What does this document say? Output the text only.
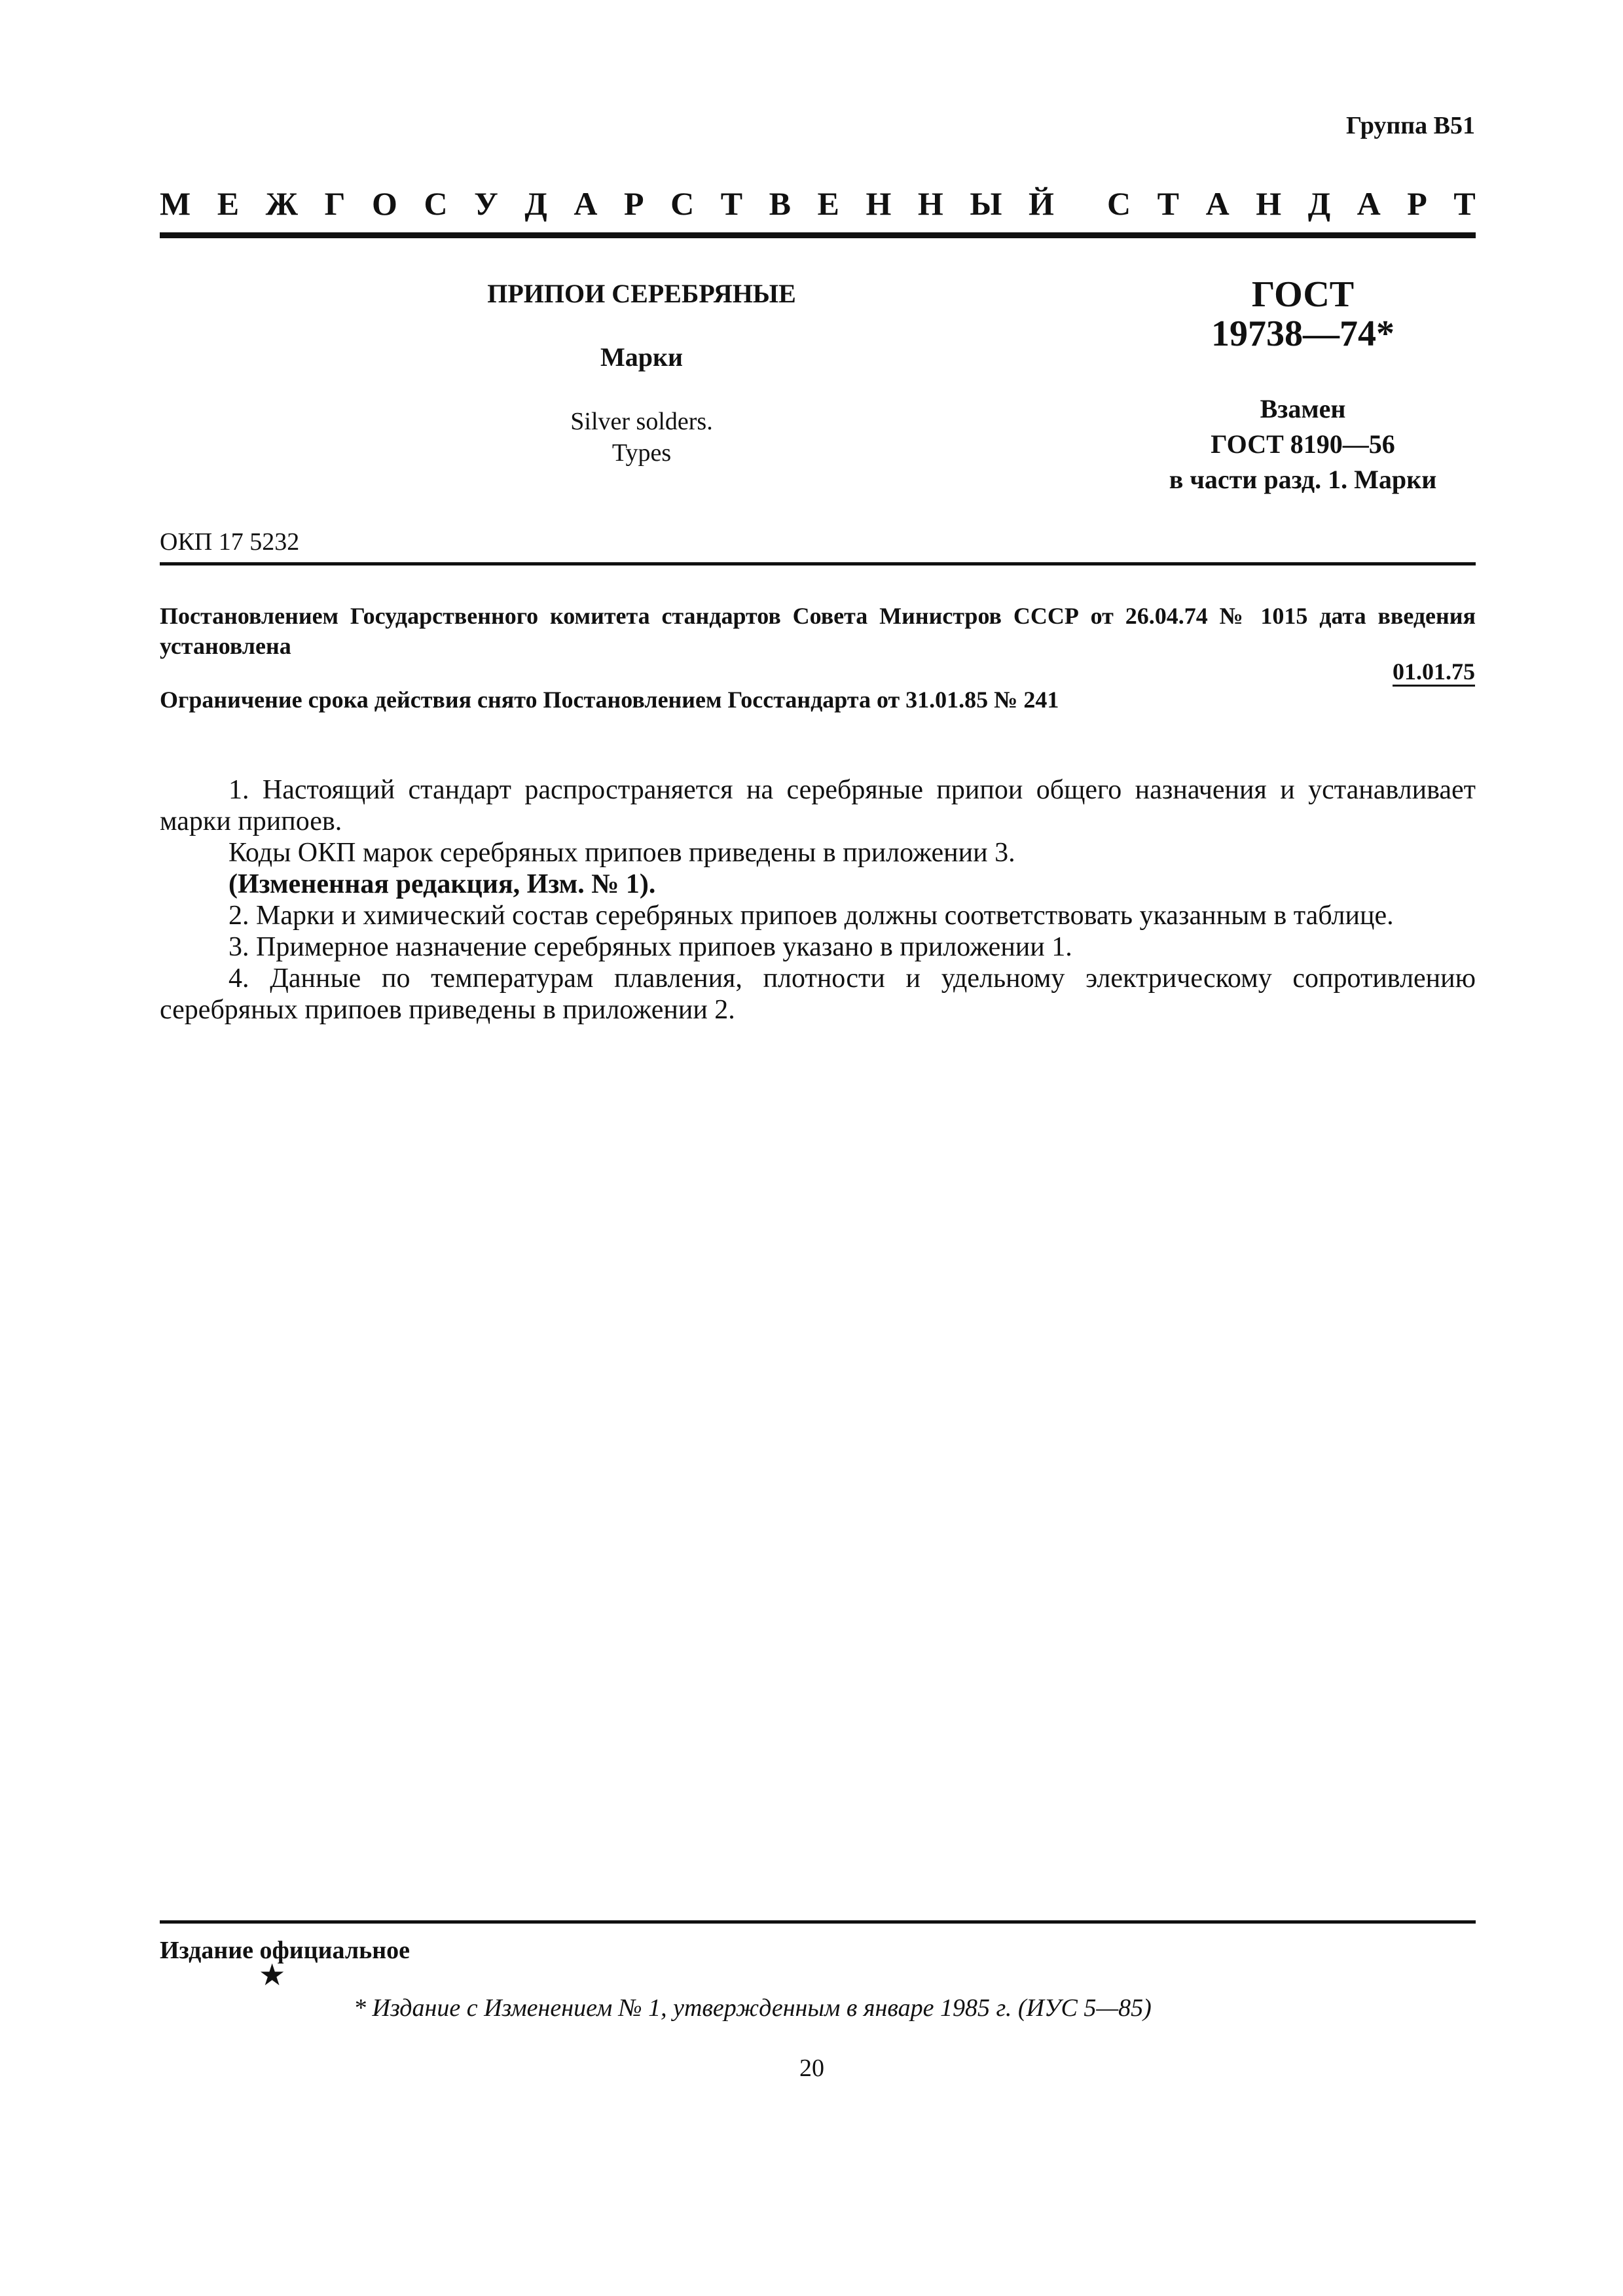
Группа В51
М Е Ж Г О С У Д А Р С Т В Е Н Н Ы Й С Т А Н Д А Р Т
ПРИПОИ СЕРЕБРЯНЫЕ
Марки
Silver solders.
Types
ГОСТ
19738—74*
Взамен
ГОСТ 8190—56
в части разд. 1. Марки
ОКП 17 5232
Постановлением Государственного комитета стандартов Совета Министров СССР от 26.04.74 № 1015 дата введения установлена
01.01.75
Ограничение срока действия снято Постановлением Госстандарта от 31.01.85 № 241

1. Настоящий стандарт распространяется на серебряные припои общего назначения и устанавливает марки припоев.

Коды ОКП марок серебряных припоев приведены в приложении 3.

(Измененная редакция, Изм. № 1).

2. Марки и химический состав серебряных припоев должны соответствовать указанным в таблице.

3. Примерное назначение серебряных припоев указано в приложении 1.

4. Данные по температурам плавления, плотности и удельному электрическому сопротивлению серебряных припоев приведены в приложении 2.

Издание официальное
★
* Издание с Изменением № 1, утвержденным в январе 1985 г. (ИУС 5—85)
20
